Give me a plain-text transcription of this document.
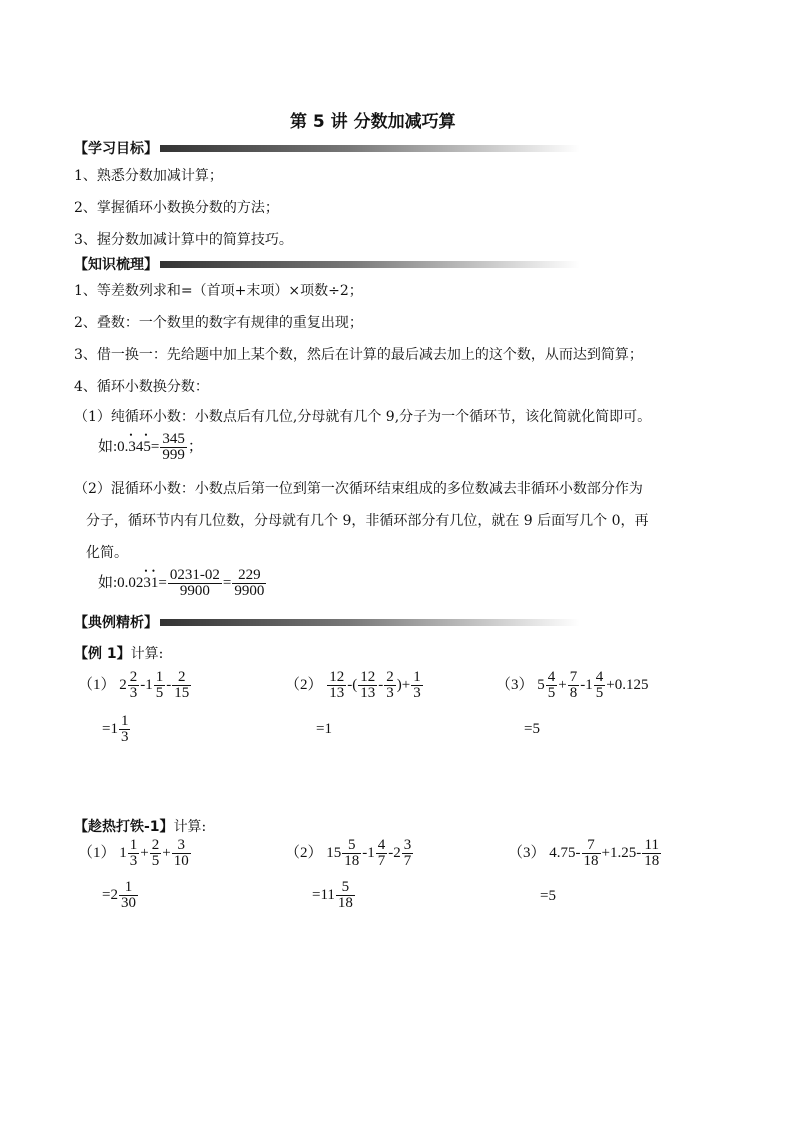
第 5 讲 分数加减巧算
【学习目标】
1、熟悉分数加减计算；
2、掌握循环小数换分数的方法；
3、握分数加减计算中的简算技巧。
【知识梳理】
1、等差数列求和=（首项+末项）×项数÷2；
2、叠数：一个数里的数字有规律的重复出现；
3、借一换一：先给题中加上某个数，然后在计算的最后减去加上的这个数，从而达到简算；
4、循环小数换分数：
（1）纯循环小数：小数点后有几位,分母就有几个 9,分子为一个循环节，该化简就化简即可。
如:0.• 34• $5= \frac{345}{999}$ ；
（2）混循环小数：小数点后第一位到第一次循环结束组成的多位数减去非循环小数部分作为
分子，循环节内有几位数，分母就有几个 9，非循环部分有几位，就在 9 后面写几个 0，再
化简。
如:0.02• 3• $1= \frac{0231-02}{9900} = \frac{229}{9900}$
【典例精析】
【例 1】计算:
（1） $2 \frac{2}{3} -1 \frac{1}{5} - \frac{2}{15}$
$=1 \frac{1}{3}$
$(2) \frac{12}{13}$ -( $\frac{12}{13} - \frac{2}{3}$ )+ $\frac{1}{3}$
=1
（3） $5 \frac{4}{5} + \frac{7}{8} -1 \frac{4}{5} +0.125$
=5
【趁热打铁-1】计算:
（1） $1 \frac{1}{3} + \frac{2}{5} + \frac{3}{10}$
$=2 \frac{1}{30}$
（2） $15 \frac{5}{18} -1 \frac{4}{7} -2 \frac{3}{7}$
$=11 \frac{5}{18}$
（3） $4.75- \frac{7}{18} +1.25- \frac{11}{18}$
=5
